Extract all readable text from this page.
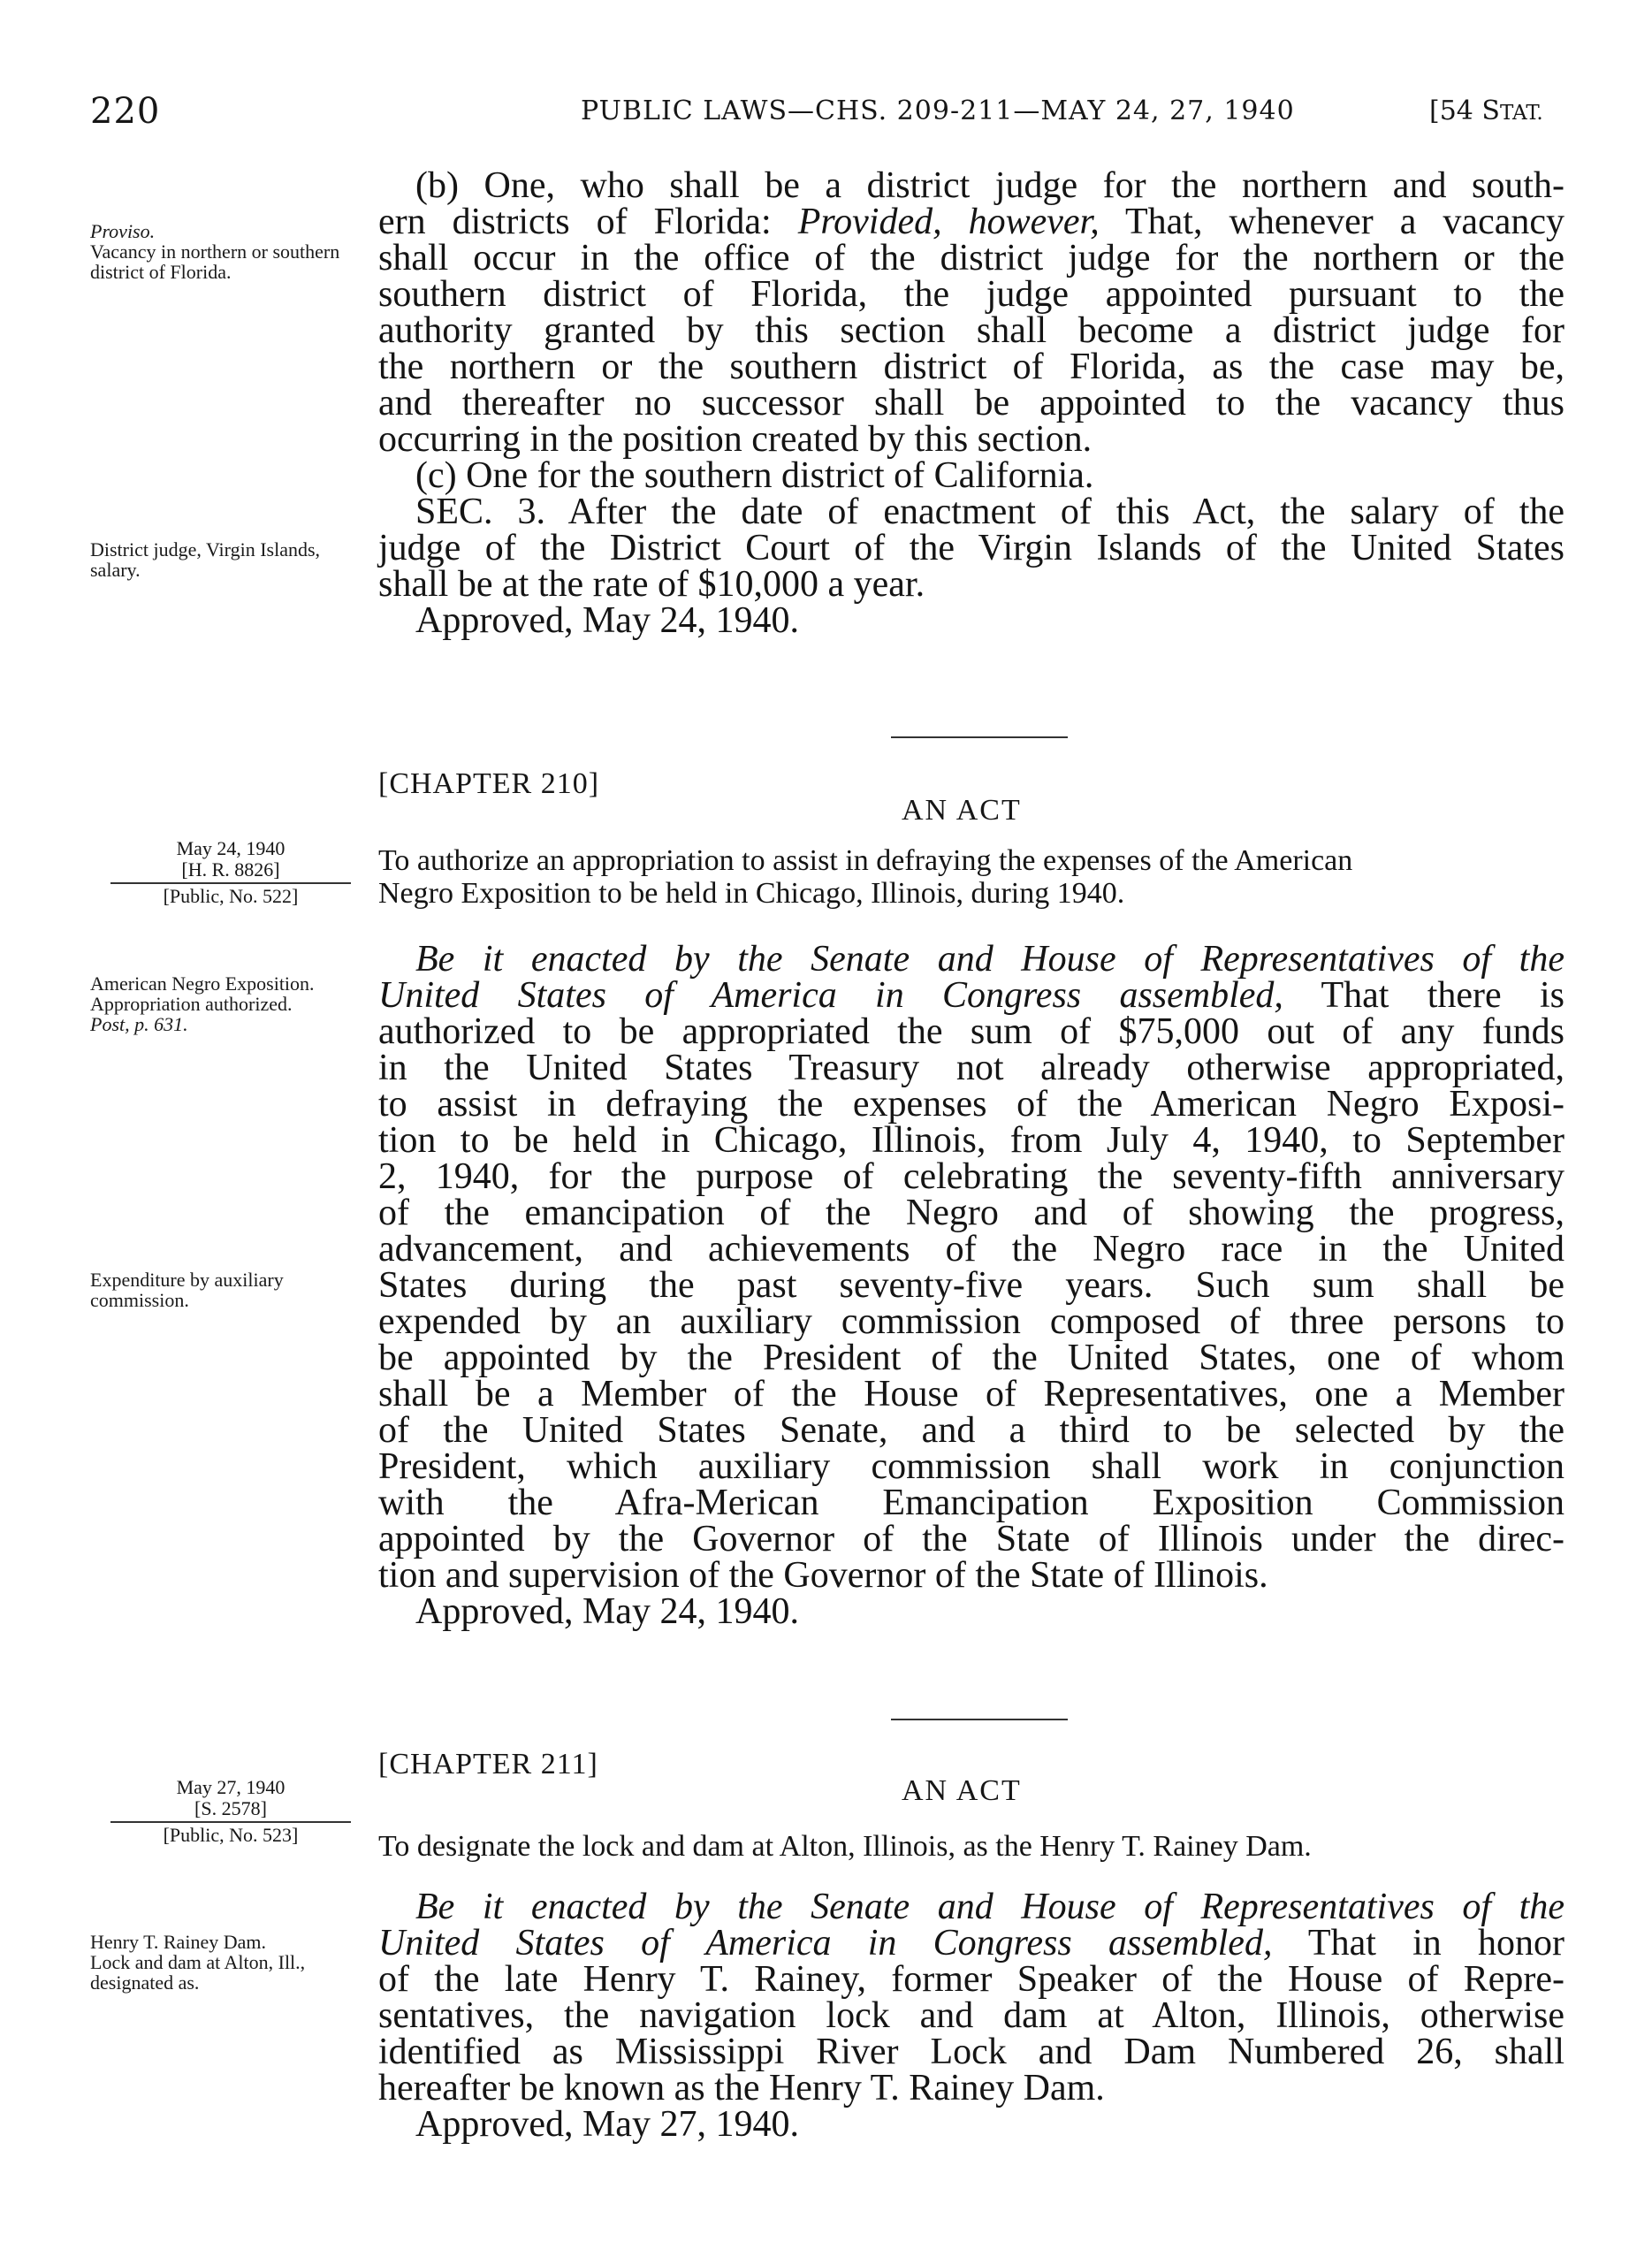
220	PUBLIC LAWS—CHS. 209-211—MAY 24, 27, 1940	[54 STAT.
Proviso.

Vacancy in northern or southern district of Florida.
District judge, Virgin Islands, salary.
May 24, 1940
[H. R. 8826]
[Public, No. 522]
American Negro Exposition.
Appropriation authorized.
Post, p. 631.
Expenditure by auxiliary commission.
May 27, 1940
[S. 2578]
[Public, No. 523]
Henry T. Rainey Dam.
Lock and dam at Alton, Ill., designated as.
(b) One, who shall be a district judge for the northern and south-
ern districts of Florida: Provided, however, That, whenever a vacancy
shall occur in the office of the district judge for the northern or the
southern district of Florida, the judge appointed pursuant to the
authority granted by this section shall become a district judge for
the northern or the southern district of Florida, as the case may be,
and thereafter no successor shall be appointed to the vacancy thus
occurring in the position created by this section.
(c) One for the southern district of California.
SEC. 3. After the date of enactment of this Act, the salary of the
judge of the District Court of the Virgin Islands of the United States
shall be at the rate of $10,000 a year.
Approved, May 24, 1940.
[CHAPTER 210]
AN ACT
To authorize an appropriation to assist in defraying the expenses of the American
Negro Exposition to be held in Chicago, Illinois, during 1940.
Be it enacted by the Senate and House of Representatives of the
United States of America in Congress assembled, That there is
authorized to be appropriated the sum of $75,000 out of any funds
in the United States Treasury not already otherwise appropriated,
to assist in defraying the expenses of the American Negro Exposi-
tion to be held in Chicago, Illinois, from July 4, 1940, to September
2, 1940, for the purpose of celebrating the seventy-fifth anniversary
of the emancipation of the Negro and of showing the progress,
advancement, and achievements of the Negro race in the United
States during the past seventy-five years. Such sum shall be
expended by an auxiliary commission composed of three persons to
be appointed by the President of the United States, one of whom
shall be a Member of the House of Representatives, one a Member
of the United States Senate, and a third to be selected by the
President, which auxiliary commission shall work in conjunction
with the Afra-Merican Emancipation Exposition Commission
appointed by the Governor of the State of Illinois under the direc-
tion and supervision of the Governor of the State of Illinois.
Approved, May 24, 1940.
[CHAPTER 211]
AN ACT
To designate the lock and dam at Alton, Illinois, as the Henry T. Rainey Dam.
Be it enacted by the Senate and House of Representatives of the
United States of America in Congress assembled, That in honor
of the late Henry T. Rainey, former Speaker of the House of Repre-
sentatives, the navigation lock and dam at Alton, Illinois, otherwise
identified as Mississippi River Lock and Dam Numbered 26, shall
hereafter be known as the Henry T. Rainey Dam.
Approved, May 27, 1940.
